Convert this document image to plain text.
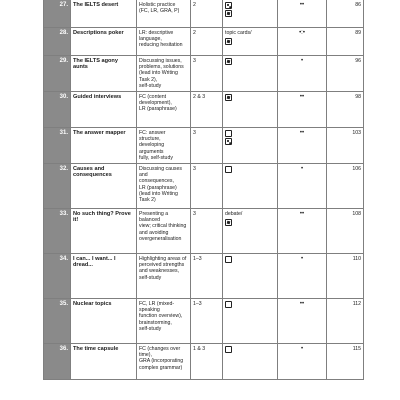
27.	The IELTS desert	Holistic practice
(FC, LR, GRA, P)	2		••	86
28.	Descriptions poker	LR: descriptive language,
reducing hesitation	2	topic cards/	•:•	89
29.	The IELTS agony aunts	Discussing issues,
problems, solutions
(lead into Writing Task 2),
self-study	3		•	96
30.	Guided interviews	FC (content
development),
LR (paraphrase)	2 & 3		••	98
31.	The answer mapper	FC: answer structure,
developing arguments
fully, self-study	3		••	103
32.	Causes and consequences	Discussing causes and
consequences,
LR (paraphrase)
(lead into Writing Task 2)	3		•	106
33.	No such thing? Prove it!	Presenting a balanced
view; critical thinking
and avoiding
overgeneralisation	3	debate/	••	108
34.	I can... I want... I dread...	Highlighting areas of
perceived strengths
and weaknesses,
self-study	1–3		•	110
35.	Nuclear topics	FC, LR (mixed-speaking
function overview),
brainstorming,
self-study	1–3		••	112
36.	The time capsule	FC (changes over time),
GRA (incorporating
complex grammar)	1 & 3		•	115
